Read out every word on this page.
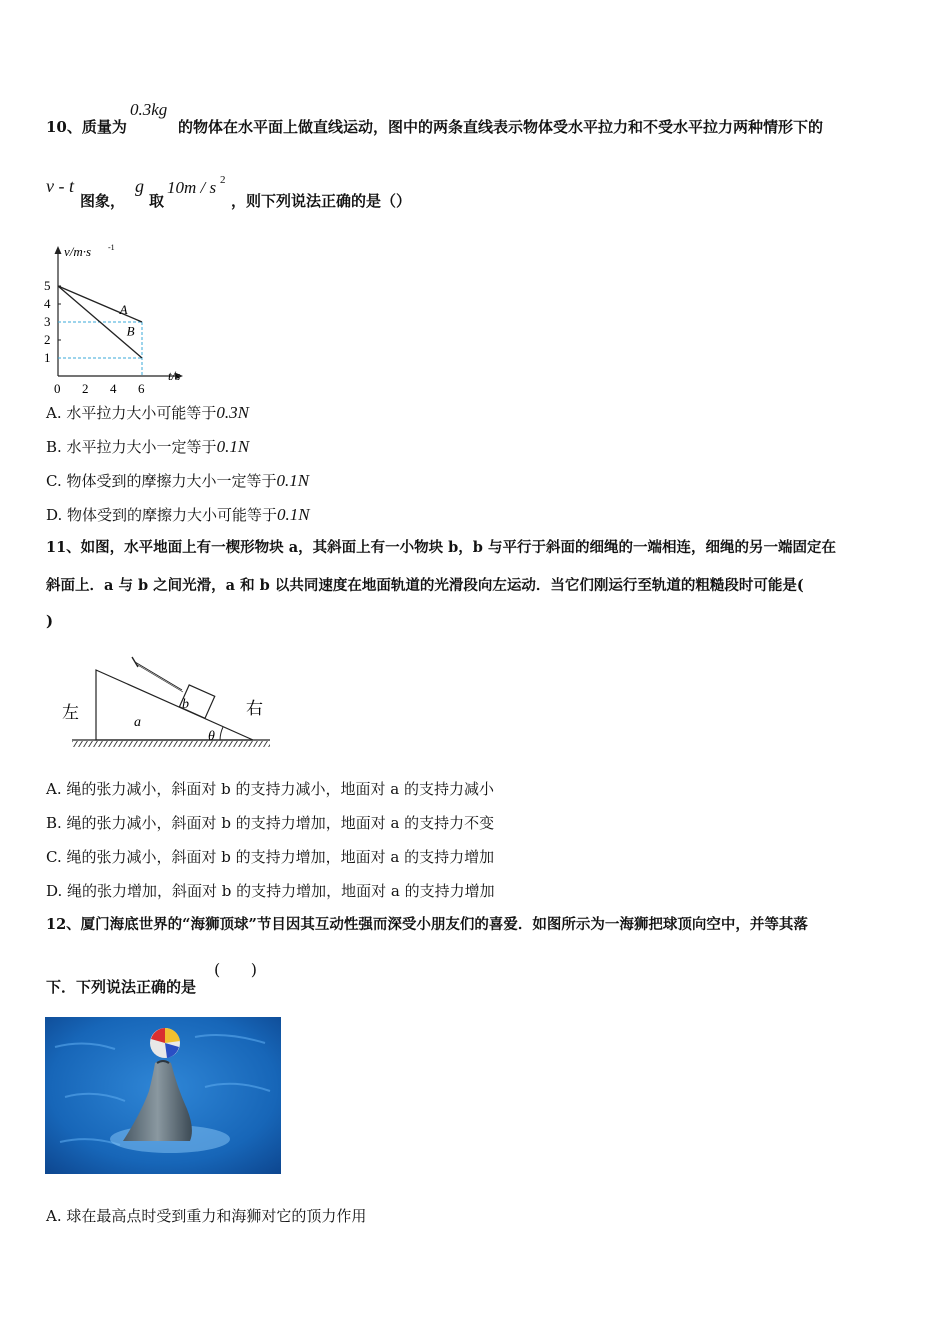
10、质量为
0.3kg
的物体在水平面上做直线运动，图中的两条直线表示物体受水平拉力和不受水平拉力两种情形下的
v - t
图象，
g
取
10m / s 2
，则下列说法正确的是（）
v/m·s -1
t/s
5
4
3
2
1
0 2 4 6
A
B
A. 水平拉力大小可能等于0.3N
B. 水平拉力大小一定等于0.1N
C. 物体受到的摩擦力大小一定等于0.1N
D. 物体受到的摩擦力大小可能等于0.1N
11、如图，水平地面上有一楔形物块 a，其斜面上有一小物块 b，b 与平行于斜面的细绳的一端相连，细绳的另一端固定在
斜面上．a 与 b 之间光滑，a 和 b 以共同速度在地面轨道的光滑段向左运动．当它们刚运行至轨道的粗糙段时可能是(
)
b
a
θ
左	右
A. 绳的张力减小，斜面对 b 的支持力减小，地面对 a 的支持力减小
B. 绳的张力减小，斜面对 b 的支持力增加，地面对 a 的支持力不变
C. 绳的张力减小，斜面对 b 的支持力增加，地面对 a 的支持力增加
D. 绳的张力增加，斜面对 b 的支持力增加，地面对 a 的支持力增加
12、厦门海底世界的“海狮顶球”节目因其互动性强而深受小朋友们的喜爱．如图所示为一海狮把球顶向空中，并等其落
下．下列说法正确的是
(      )
A. 球在最高点时受到重力和海狮对它的顶力作用
